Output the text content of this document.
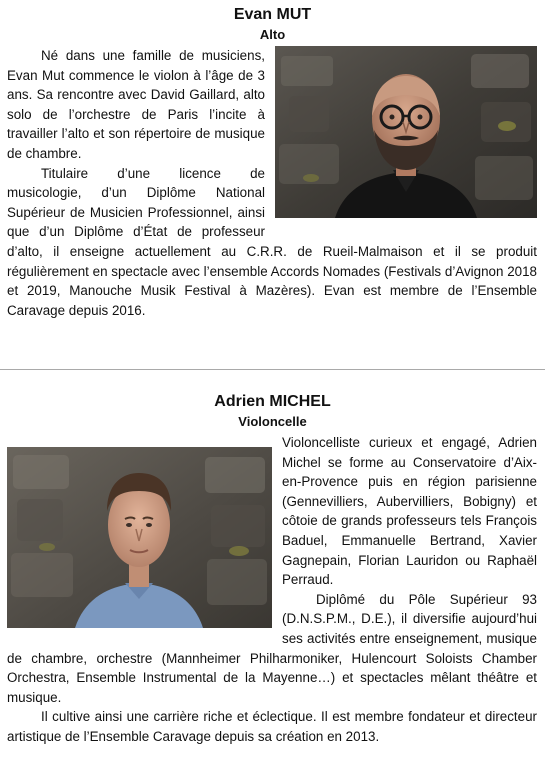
Evan MUT
Alto

Né dans une famille de musiciens, Evan Mut commence le violon à l’âge de 3 ans. Sa rencontre avec David Gaillard, alto solo de l’orchestre de Paris l’incite à travailler l’alto et son répertoire de musique de chambre.

Titulaire d’une licence de musicologie, d’un Diplôme National Supérieur de Musicien Professionnel, ainsi que d’un Diplôme d’État de professeur d’alto, il enseigne actuellement au C.R.R. de Rueil-Malmaison et il se produit régulièrement en spectacle avec l’ensemble Accords Nomades (Festivals d’Avignon 2018 et 2019, Manouche Musik Festival à Mazères). Evan est membre de l’Ensemble Caravage depuis 2016.

Adrien MICHEL
Violoncelle

Violoncelliste curieux et engagé, Adrien Michel se forme au Conservatoire d’Aix-en-Provence puis en région parisienne (Gennevilliers, Aubervilliers, Bobigny) et côtoie de grands professeurs tels François Baduel, Emmanuelle Bertrand, Xavier Gagnepain, Florian Lauridon ou Raphaël Perraud.

Diplômé du Pôle Supérieur 93 (D.N.S.P.M., D.E.), il diversifie aujourd’hui ses activités entre enseignement, musique de chambre, orchestre (Mannheimer Philharmoniker, Hulencourt Soloists Chamber Orchestra, Ensemble Instrumental de la Mayenne…) et spectacles mêlant théâtre et musique.

Il cultive ainsi une carrière riche et éclectique. Il est membre fondateur et directeur artistique de l’Ensemble Caravage depuis sa création en 2013.
